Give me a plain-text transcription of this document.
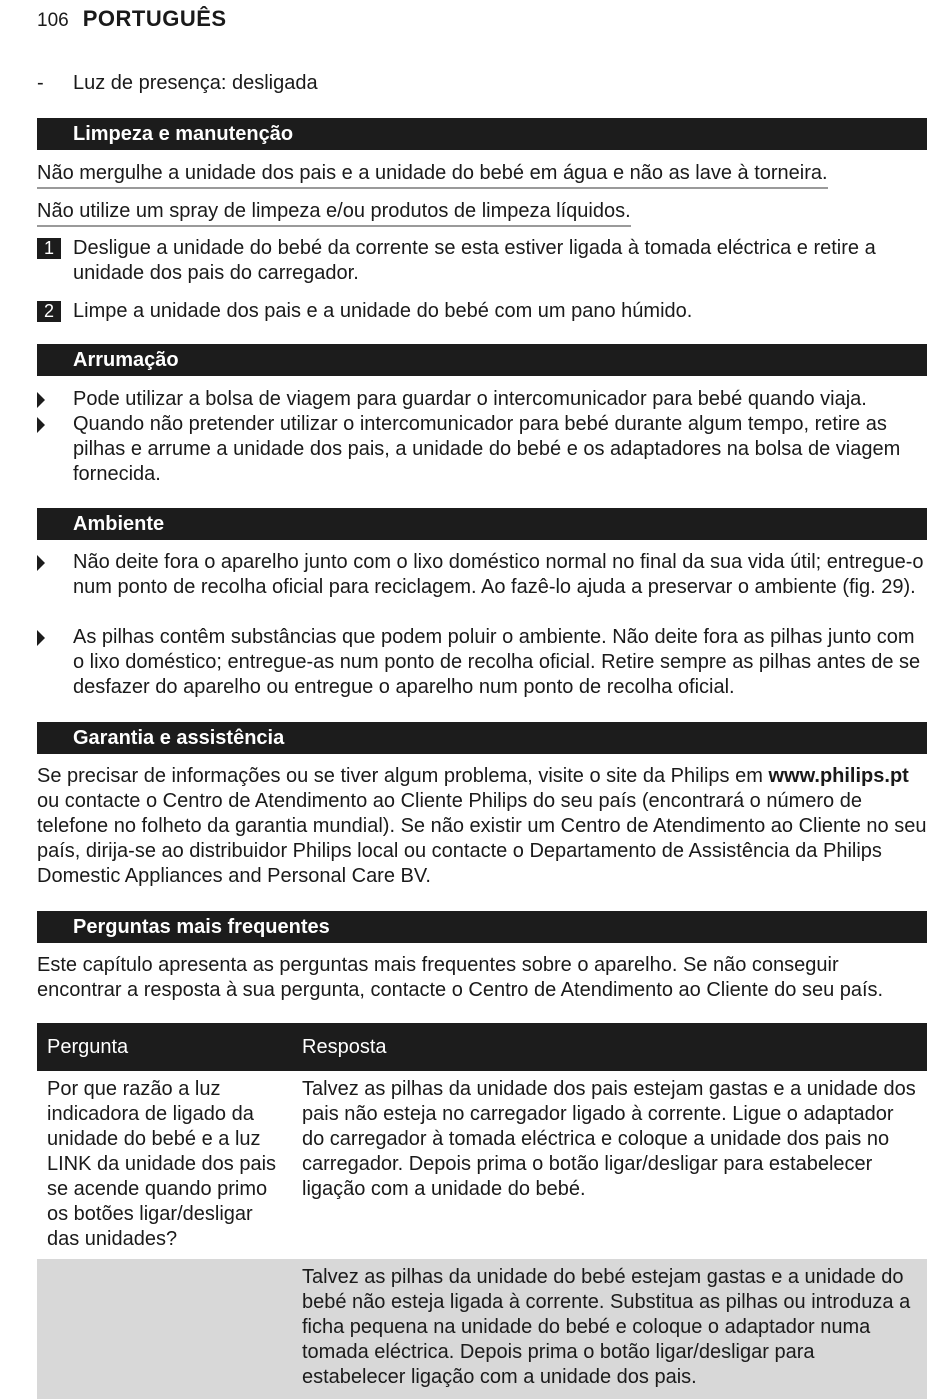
106 PORTUGUÊS
-	Luz de presença: desligada
Limpeza e manutenção
Não mergulhe a unidade dos pais e a unidade do bebé em água e não as lave à torneira.
Não utilize um spray de limpeza e/ou produtos de limpeza líquidos.
1 Desligue a unidade do bebé da corrente se esta estiver ligada à tomada eléctrica e retire a unidade dos pais do carregador.
2 Limpe a unidade dos pais e a unidade do bebé com um pano húmido.
Arrumação
Pode utilizar a bolsa de viagem para guardar o intercomunicador para bebé quando viaja.
Quando não pretender utilizar o intercomunicador para bebé durante algum tempo, retire as pilhas e arrume a unidade dos pais, a unidade do bebé e os adaptadores na bolsa de viagem fornecida.
Ambiente
Não deite fora o aparelho junto com o lixo doméstico normal no final da sua vida útil; entregue-o num ponto de recolha oficial para reciclagem. Ao fazê-lo ajuda a preservar o ambiente (fig. 29).
As pilhas contêm substâncias que podem poluir o ambiente. Não deite fora as pilhas junto com o lixo doméstico; entregue-as num ponto de recolha oficial. Retire sempre as pilhas antes de se desfazer do aparelho ou entregue o aparelho num ponto de recolha oficial.
Garantia e assistência
Se precisar de informações ou se tiver algum problema, visite o site da Philips em www.philips.pt ou contacte o Centro de Atendimento ao Cliente Philips do seu país (encontrará o número de telefone no folheto da garantia mundial). Se não existir um Centro de Atendimento ao Cliente no seu país, dirija-se ao distribuidor Philips local ou contacte o Departamento de Assistência da Philips Domestic Appliances and Personal Care BV.
Perguntas mais frequentes
Este capítulo apresenta as perguntas mais frequentes sobre o aparelho. Se não conseguir encontrar a resposta à sua pergunta, contacte o Centro de Atendimento ao Cliente do seu país.
Pergunta	Resposta
Por que razão a luz indicadora de ligado da unidade do bebé e a luz LINK da unidade dos pais se acende quando primo os botões ligar/desligar das unidades?
Talvez as pilhas da unidade dos pais estejam gastas e a unidade dos pais não esteja no carregador ligado à corrente. Ligue o adaptador do carregador à tomada eléctrica e coloque a unidade dos pais no carregador. Depois prima o botão ligar/desligar para estabelecer ligação com a unidade do bebé.
Talvez as pilhas da unidade do bebé estejam gastas e a unidade do bebé não esteja ligada à corrente. Substitua as pilhas ou introduza a ficha pequena na unidade do bebé e coloque o adaptador numa tomada eléctrica. Depois prima o botão ligar/desligar para estabelecer ligação com a unidade dos pais.
